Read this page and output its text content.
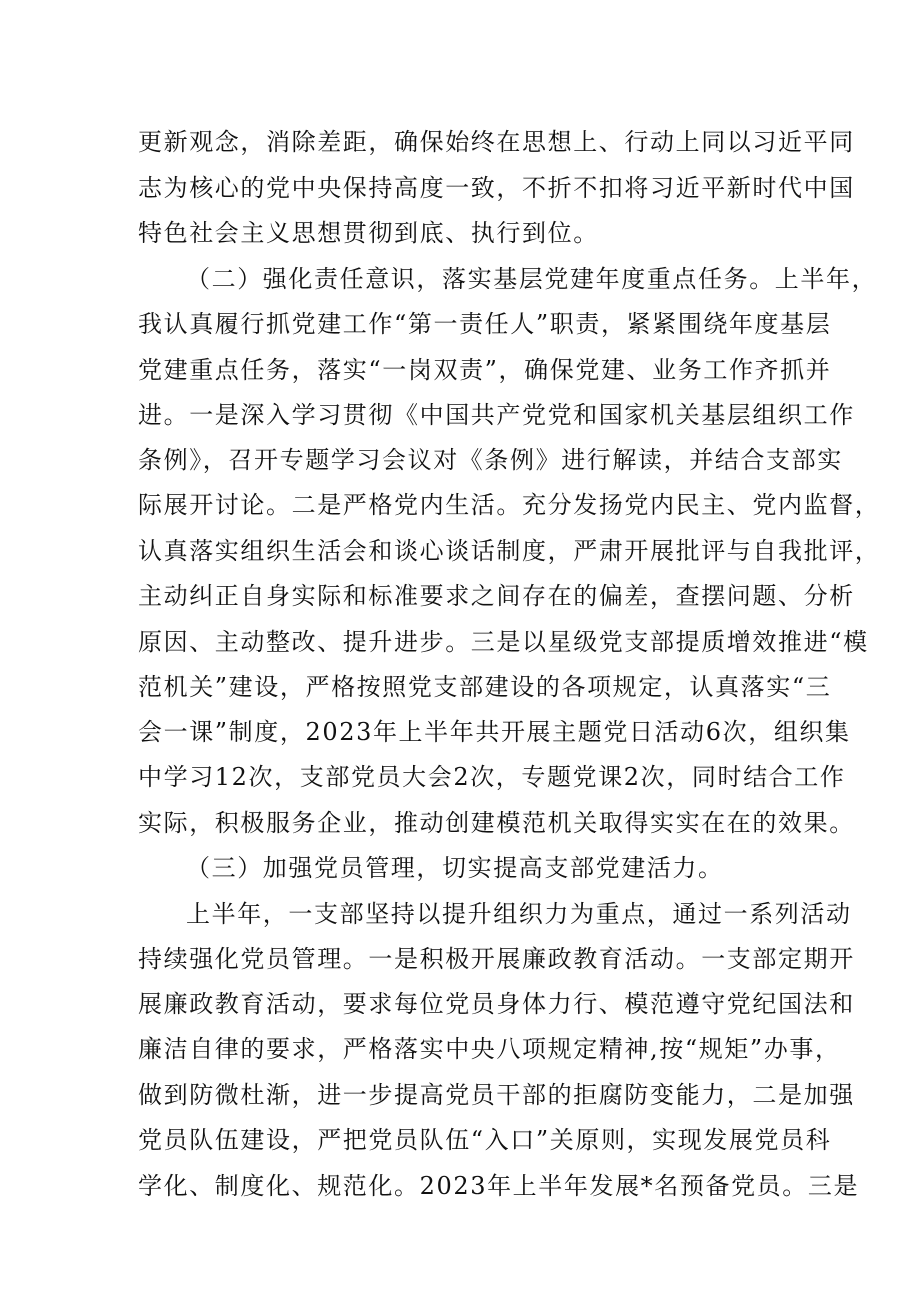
更新观念，消除差距，确保始终在思想上、行动上同以习近平同
志为核心的党中央保持高度一致，不折不扣将习近平新时代中国
特色社会主义思想贯彻到底、执行到位。
（二）强化责任意识，落实基层党建年度重点任务。上半年，
我认真履行抓党建工作“第一责任人”职责，紧紧围绕年度基层
党建重点任务，落实“一岗双责”，确保党建、业务工作齐抓并
进。一是深入学习贯彻《中国共产党党和国家机关基层组织工作
条例》，召开专题学习会议对《条例》进行解读，并结合支部实
际展开讨论。二是严格党内生活。充分发扬党内民主、党内监督，
认真落实组织生活会和谈心谈话制度，严肃开展批评与自我批评，
主动纠正自身实际和标准要求之间存在的偏差，查摆问题、分析
原因、主动整改、提升进步。三是以星级党支部提质增效推进“模
范机关”建设，严格按照党支部建设的各项规定，认真落实“三
会一课”制度，2023年上半年共开展主题党日活动6次，组织集
中学习12次，支部党员大会2次，专题党课2次，同时结合工作
实际，积极服务企业，推动创建模范机关取得实实在在的效果。
（三）加强党员管理，切实提高支部党建活力。
上半年，一支部坚持以提升组织力为重点，通过一系列活动
持续强化党员管理。一是积极开展廉政教育活动。一支部定期开
展廉政教育活动，要求每位党员身体力行、模范遵守党纪国法和
廉洁自律的要求，严格落实中央八项规定精神,按“规矩”办事，
做到防微杜渐，进一步提高党员干部的拒腐防变能力，二是加强
党员队伍建设，严把党员队伍“入口”关原则，实现发展党员科
学化、制度化、规范化。2023年上半年发展*名预备党员。三是
